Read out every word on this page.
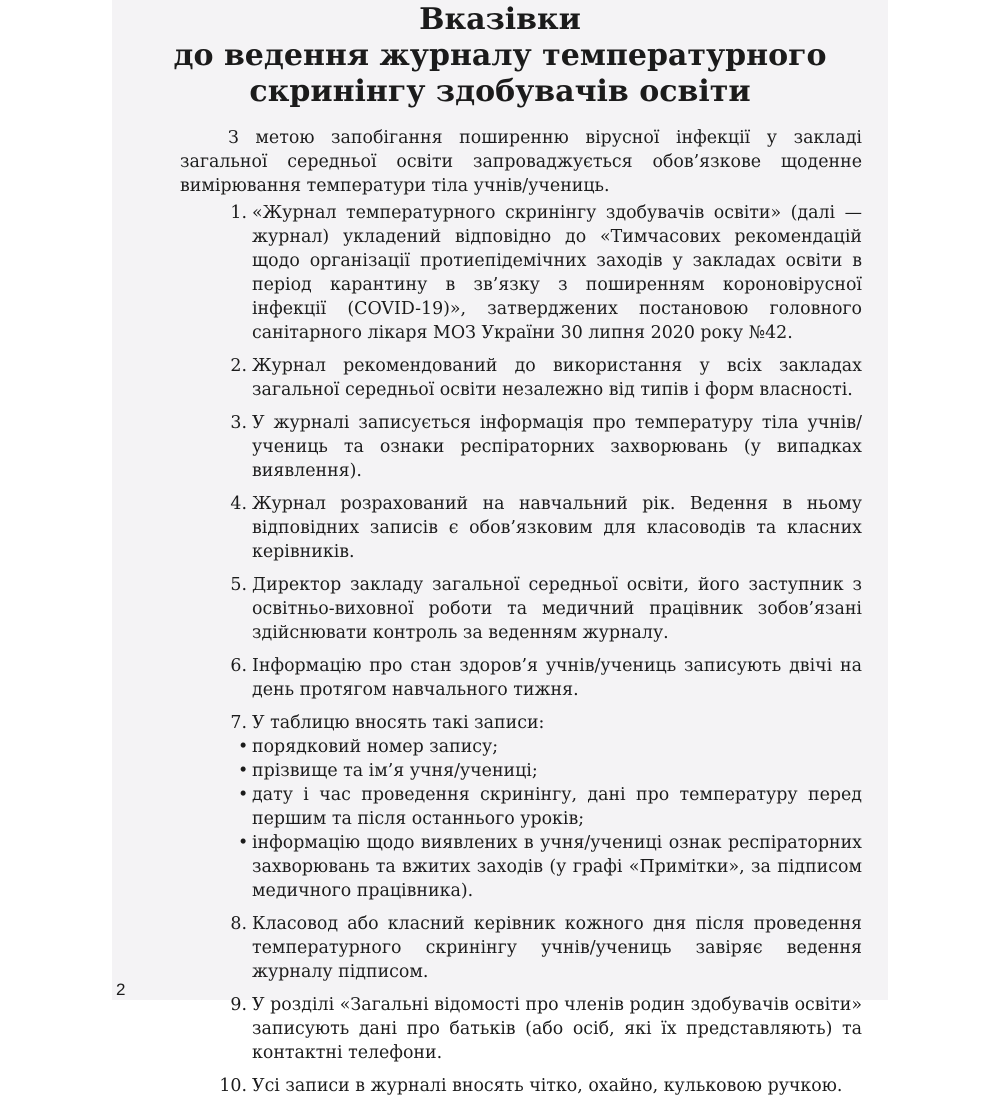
Вказівки
до ведення журналу температурного
скринінгу здобувачів освіти

З метою запобігання поширенню вірусної інфекції у закладі загальної середньої освіти запроваджується обов’язкове щоденне вимірювання температури тіла учнів/учениць.

1. «Журнал температурного скринінгу здобувачів освіти» (далі — журнал) укладений відповідно до «Тимчасових рекомендацій щодо організації протиепідемічних заходів у закладах освіти в період карантину в зв’язку з поширенням короновірусної інфекції (COVID-19)», затверджених постановою головного санітарного лікаря МОЗ України 30 липня 2020 року №42.
2. Журнал рекомендований до використання у всіх закладах загальної середньої освіти незалежно від типів і форм власності.
3. У журналі записується інформація про температуру тіла учнів/учениць та ознаки респіраторних захворювань (у випадках виявлення).
4. Журнал розрахований на навчальний рік. Ведення в ньому відповідних записів є обов’язковим для класоводів та класних керівників.
5. Директор закладу загальної середньої освіти, його заступник з освітньо-виховної роботи та медичний працівник зобов’язані здійснювати контроль за веденням журналу.
6. Інформацію про стан здоров’я учнів/учениць записують двічі на день протягом навчального тижня.
7. У таблицю вносять такі записи:
• порядковий номер запису;
• прізвище та ім’я учня/учениці;
• дату і час проведення скринінгу, дані про температуру перед першим та після останнього уроків;
• інформацію щодо виявлених в учня/учениці ознак респіраторних захворювань та вжитих заходів (у графі «Примітки», за підписом медичного працівника).
8. Класовод або класний керівник кожного дня після проведення температурного скринінгу учнів/учениць завіряє ведення журналу підписом.
9. У розділі «Загальні відомості про членів родин здобувачів освіти» записують дані про батьків (або осіб, які їх представляють) та контактні телефони.
10. Усі записи в журналі вносять чітко, охайно, кульковою ручкою.
2
